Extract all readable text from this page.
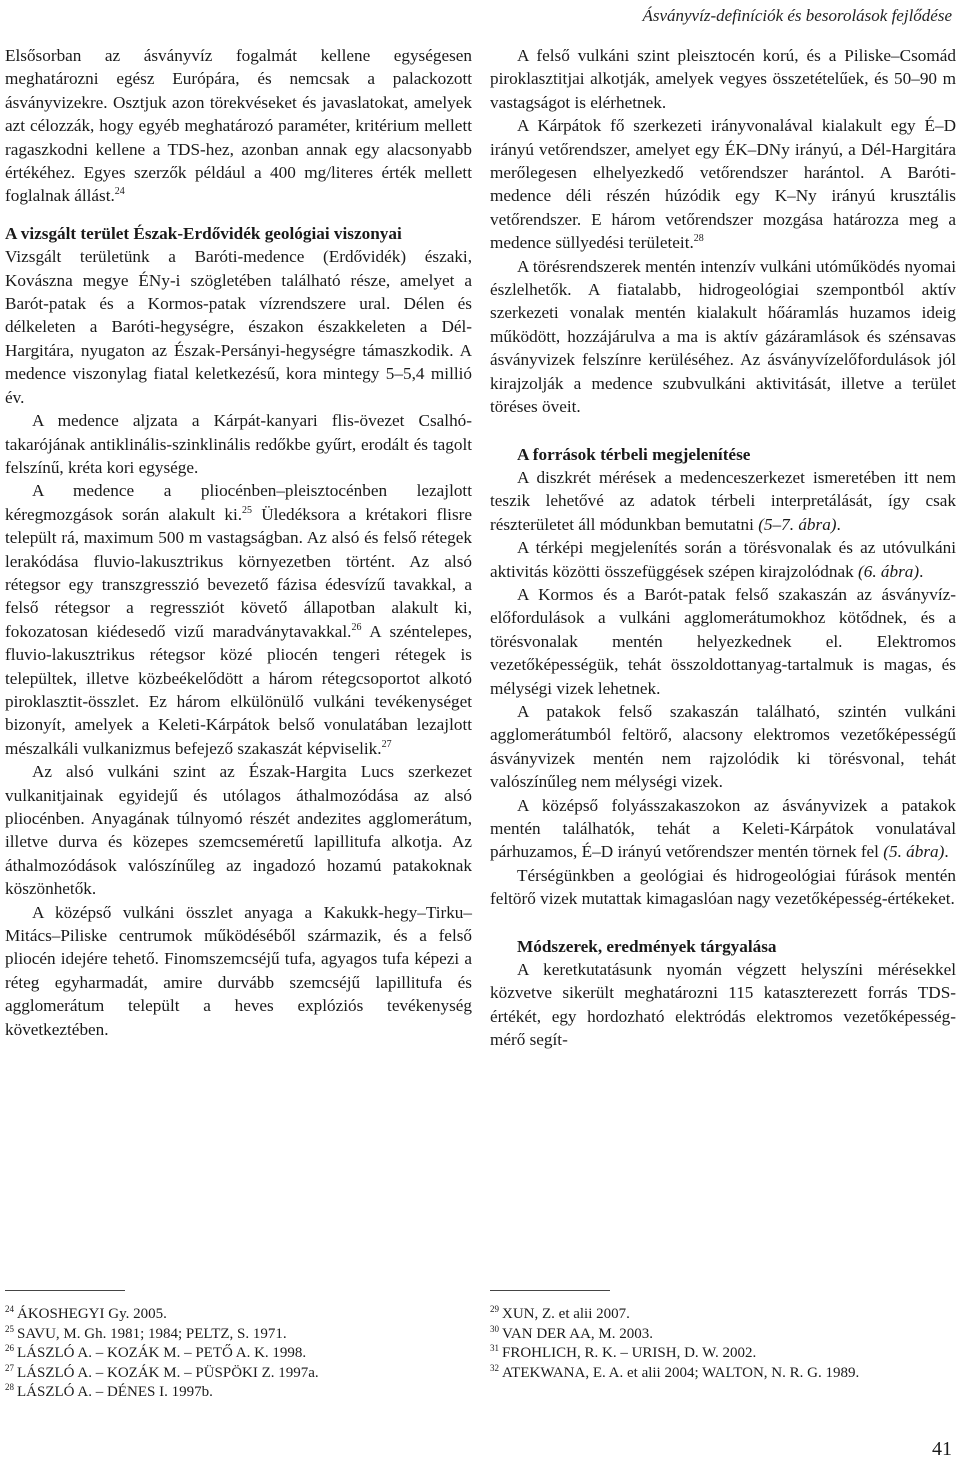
Ásványvíz-definíciók és besorolások fejlődése

Elsősorban az ásványvíz fogalmát kellene egységesen meghatározni egész Európára, és nemcsak a palackozott ásványvizekre. Osztjuk azon törekvéseket és javaslatokat, amelyek azt célozzák, hogy egyéb meghatározó paraméter, kritérium mellett ragaszkodni kellene a TDS-hez, azonban annak egy alacsonyabb értékéhez. Egyes szerzők például a 400 mg/literes érték mellett foglalnak állást.$^{24}$

A vizsgált terület Észak-Erdővidék geológiai viszonyai

Vizsgált területünk a Baróti-medence (Erdővidék) északi, Kovászna megye ÉNy-i szögletében található része, amelyet a Barót-patak és a Kormos-patak vízrendszere ural. Délen és délkeleten a Baróti-hegységre, északon északkeleten a Dél-Hargitára, nyugaton az Észak-Persányi-hegységre támaszkodik. A medence viszonylag fiatal keletkezésű, kora mintegy 5–5,4 millió év.

A medence aljzata a Kárpát-kanyari flis-övezet Csalhó-takarójának antiklinális-szinklinális redőkbe gyűrt, erodált és tagolt felszínű, kréta kori egysége.

A medence a pliocénben–pleisztocénben lezajlott kéregmozgások során alakult ki.$^{25}$ Üledéksora a krétakori flisre települt rá, maximum 500 m vastagságban. Az alsó és felső rétegek lerakódása fluvio-lakusztrikus környezetben történt. Az alsó rétegsor egy transzgresszió bevezető fázisa édesvízű tavakkal, a felső rétegsor a regressziót követő állapotban alakult ki, fokozatosan kiédesedő vizű maradványtavakkal.$^{26}$ A széntelepes, fluvio-lakusztrikus rétegsor közé pliocén tengeri rétegek is települtek, illetve közbeékelődött a három rétegcsoportot alkotó piroklasztit-összlet. Ez három elkülönülő vulkáni tevékenységet bizonyít, amelyek a Keleti-Kárpátok belső vonulatában lezajlott mészalkáli vulkanizmus befejező szakaszát képviselik.$^{27}$

Az alsó vulkáni szint az Észak-Hargita Lucs szerkezet vulkanitjainak egyidejű és utólagos áthalmozódása az alsó pliocénben. Anyagának túlnyomó részét andezites agglomerátum, illetve durva és közepes szemcseméretű lapillitufa alkotja. Az áthalmozódások valószínűleg az ingadozó hozamú patakoknak köszönhetők.

A középső vulkáni összlet anyaga a Kakukk-hegy–Tirku–Mitács–Piliske centrumok működéséből származik, és a felső pliocén idejére tehető. Finomszemcséjű tufa, agyagos tufa képezi a réteg egyharmadát, amire durvább szemcséjű lapillitufa és agglomerátum települt a heves explóziós tevékenység következtében.

A felső vulkáni szint pleisztocén korú, és a Piliske–Csomád piroklasztitjai alkotják, amelyek vegyes összetételűek, és 50–90 m vastagságot is elérhetnek.

A Kárpátok fő szerkezeti irányvonalával kialakult egy É–D irányú vetőrendszer, amelyet egy ÉK–DNy irányú, a Dél-Hargitára merőlegesen elhelyezkedő vetőrendszer harántol. A Baróti-medence déli részén húzódik egy K–Ny irányú krusztális vetőrendszer. E három vetőrendszer mozgása határozza meg a medence süllyedési területeit.$^{28}$

A törésrendszerek mentén intenzív vulkáni utóműködés nyomai észlelhetők. A fiatalabb, hidrogeológiai szempontból aktív szerkezeti vonalak mentén kialakult hőáramlás huzamos ideig működött, hozzájárulva a ma is aktív gázáramlások és szénsavas ásványvizek felszínre kerüléséhez. Az ásványvízelőfordulások jól kirajzolják a medence szubvulkáni aktivitását, illetve a terület töréses öveit.

A források térbeli megjelenítése

A diszkrét mérések a medenceszerkezet ismeretében itt nem teszik lehetővé az adatok térbeli interpretálását, így csak részterületet áll módunkban bemutatni (5–7. ábra).

A térképi megjelenítés során a törésvonalak és az utóvulkáni aktivitás közötti összefüggések szépen kirajzolódnak (6. ábra).

A Kormos és a Barót-patak felső szakaszán az ásványvíz-előfordulások a vulkáni agglomerátumokhoz kötődnek, és a törésvonalak mentén helyezkednek el. Elektromos vezetőképességük, tehát összoldottanyag-tartalmuk is magas, és mélységi vizek lehetnek.

A patakok felső szakaszán található, szintén vulkáni agglomerátumból feltörő, alacsony elektromos vezetőképességű ásványvizek mentén nem rajzolódik ki törésvonal, tehát valószínűleg nem mélységi vizek.

A középső folyásszakaszokon az ásványvizek a patakok mentén találhatók, tehát a Keleti-Kárpátok vonulatával párhuzamos, É–D irányú vetőrendszer mentén törnek fel (5. ábra).

Térségünkben a geológiai és hidrogeológiai fúrások mentén feltörő vizek mutattak kimagaslóan nagy vezetőképesség-értékeket.

Módszerek, eredmények tárgyalása

A keretkutatásunk nyomán végzett helyszíni mérésekkel közvetve sikerült meghatározni 115 kataszterezett forrás TDS-értékét, egy hordozható elektródás elektromos vezetőképesség-mérő segít-

$^{24}$ ÁKOSHEGYI Gy. 2005.
$^{25}$ SAVU, M. Gh. 1981; 1984; PELTZ, S. 1971.
$^{26}$ LÁSZLÓ A. – KOZÁK M. – PETŐ A. K. 1998.
$^{27}$ LÁSZLÓ A. – KOZÁK M. – PÜSPÖKI Z. 1997a.
$^{28}$ LÁSZLÓ A. – DÉNES I. 1997b.
$^{29}$ XUN, Z. et alii 2007.
$^{30}$ VAN DER AA, M. 2003.
$^{31}$ FROHLICH, R. K. – URISH, D. W. 2002.
$^{32}$ ATEKWANA, E. A. et alii 2004; WALTON, N. R. G. 1989.
41
